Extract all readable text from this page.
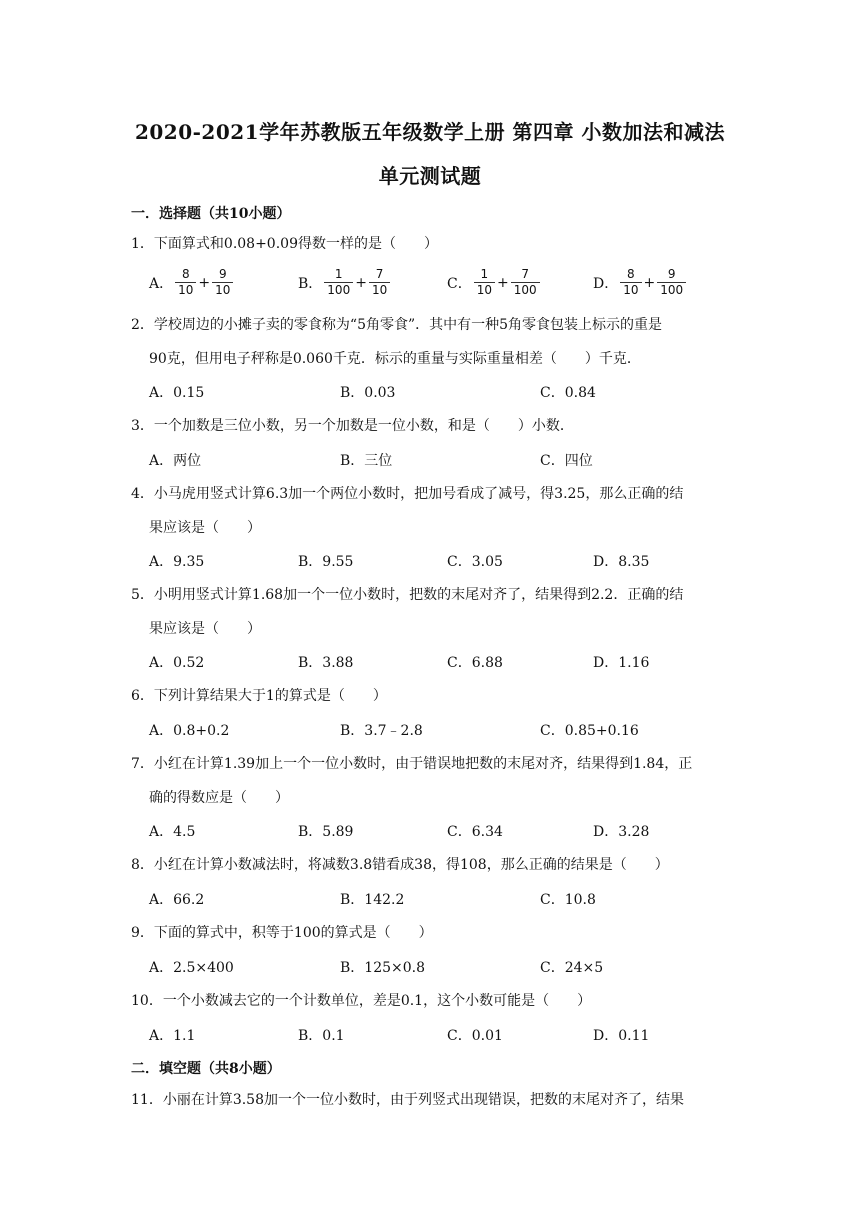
2020-2021学年苏教版五年级数学上册 第四章 小数加法和减法
单元测试题
一．选择题（共10小题）
1．下面算式和0.08+0.09得数一样的是（　　）
A． $\frac{8}{10} + \frac{9}{10}$	B． $\frac{1}{100} + \frac{7}{10}$	C． $\frac{1}{10} + \frac{7}{100}$	D． $\frac{8}{10} + \frac{9}{100}$
2．学校周边的小摊子卖的零食称为“5角零食”．其中有一种5角零食包装上标示的重是
90克，但用电子秤称是0.060千克．标示的重量与实际重量相差（　　）千克．
A．0.15	B．0.03	C．0.84
3．一个加数是三位小数，另一个加数是一位小数，和是（　　）小数．
A．两位	B．三位	C．四位
4．小马虎用竖式计算6.3加一个两位小数时，把加号看成了减号，得3.25，那么正确的结
果应该是（　　）
A．9.35	B．9.55	C．3.05	D．8.35
5．小明用竖式计算1.68加一个一位小数时，把数的末尾对齐了，结果得到2.2．正确的结
果应该是（　　）
A．0.52	B．3.88	C．6.88	D．1.16
6．下列计算结果大于1的算式是（　　）
A．0.8+0.2	B．3.7﹣2.8	C．0.85+0.16
7．小红在计算1.39加上一个一位小数时，由于错误地把数的末尾对齐，结果得到1.84，正
确的得数应是（　　）
A．4.5	B．5.89	C．6.34	D．3.28
8．小红在计算小数减法时，将减数3.8错看成38，得108，那么正确的结果是（　　）
A．66.2	B．142.2	C．10.8
9．下面的算式中，积等于100的算式是（　　）
A．2.5×400	B．125×0.8	C．24×5
10．一个小数减去它的一个计数单位，差是0.1，这个小数可能是（　　）
A．1.1	B．0.1	C．0.01	D．0.11
二．填空题（共8小题）
11．小丽在计算3.58加一个一位小数时，由于列竖式出现错误，把数的末尾对齐了，结果
